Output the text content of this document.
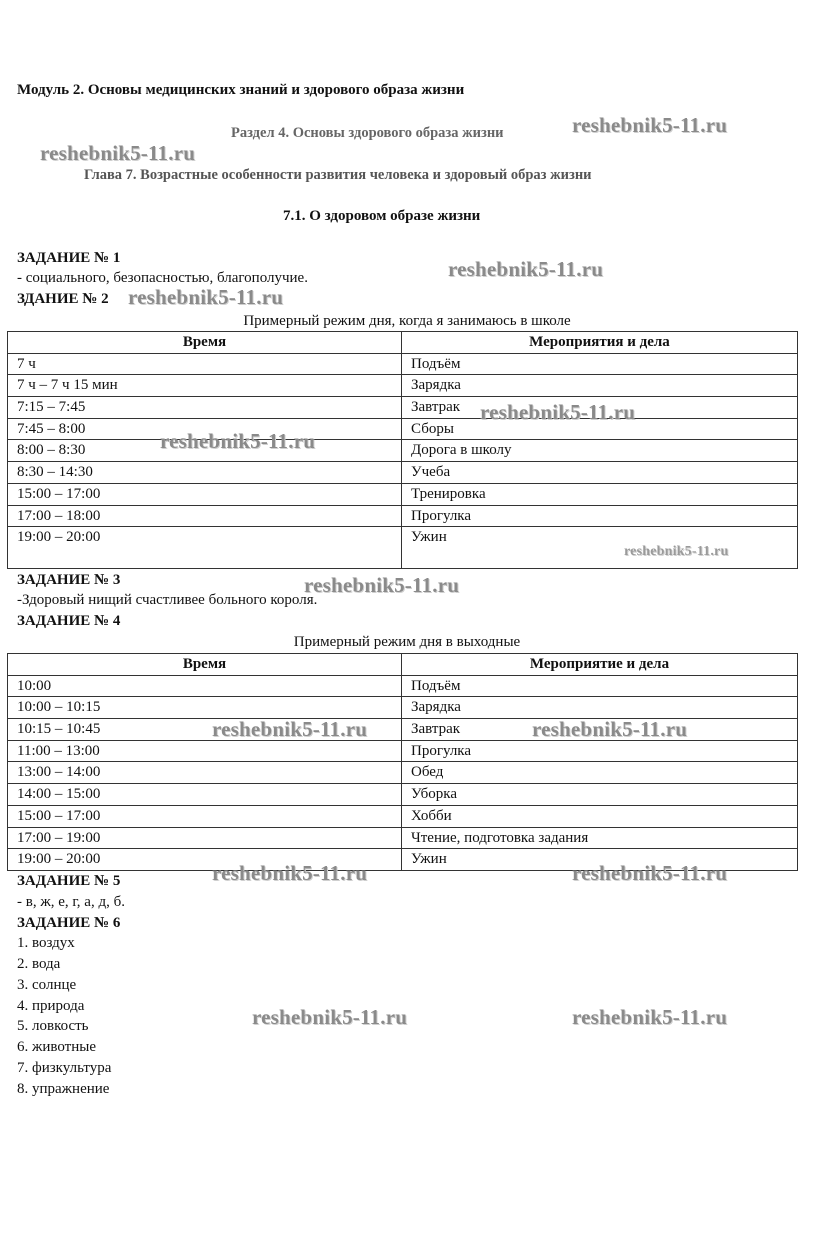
Модуль 2. Основы медицинских знаний и здорового образа жизни
Раздел 4. Основы здорового образа жизни
Глава 7. Возрастные особенности развития человека и здоровый образ жизни
7.1. О здоровом образе жизни
ЗАДАНИЕ № 1
- социального, безопасностью, благополучие.
ЗДАНИЕ № 2
Примерный режим дня, когда я занимаюсь в школе
Время	Мероприятия и дела
7 ч	Подъём
7 ч – 7 ч 15 мин	Зарядка
7:15 – 7:45	Завтрак
7:45 – 8:00	Сборы
8:00 – 8:30	Дорога в школу
8:30 – 14:30	Учеба
15:00 – 17:00	Тренировка
17:00 – 18:00	Прогулка
19:00 – 20:00	Ужин
ЗАДАНИЕ № 3
-Здоровый нищий счастливее больного короля.
ЗАДАНИЕ № 4
Примерный режим дня в выходные
Время	Мероприятие и дела
10:00	Подъём
10:00 – 10:15	Зарядка
10:15 – 10:45	Завтрак
11:00 – 13:00	Прогулка
13:00 – 14:00	Обед
14:00 – 15:00	Уборка
15:00 – 17:00	Хобби
17:00 – 19:00	Чтение, подготовка задания
19:00 – 20:00	Ужин
ЗАДАНИЕ № 5
- в, ж, е, г, а, д, б.
ЗАДАНИЕ № 6
1. воздух
2. вода
3. солнце
4. природа
5. ловкость
6. животные
7. физкультура
8. упражнение
reshebnik5-11.ru
reshebnik5-11.ru
reshebnik5-11.ru
reshebnik5-11.ru
reshebnik5-11.ru
reshebnik5-11.ru
reshebnik5-11.ru
reshebnik5-11.ru
reshebnik5-11.ru	reshebnik5-11.ru
reshebnik5-11.ru	reshebnik5-11.ru
reshebnik5-11.ru	reshebnik5-11.ru
